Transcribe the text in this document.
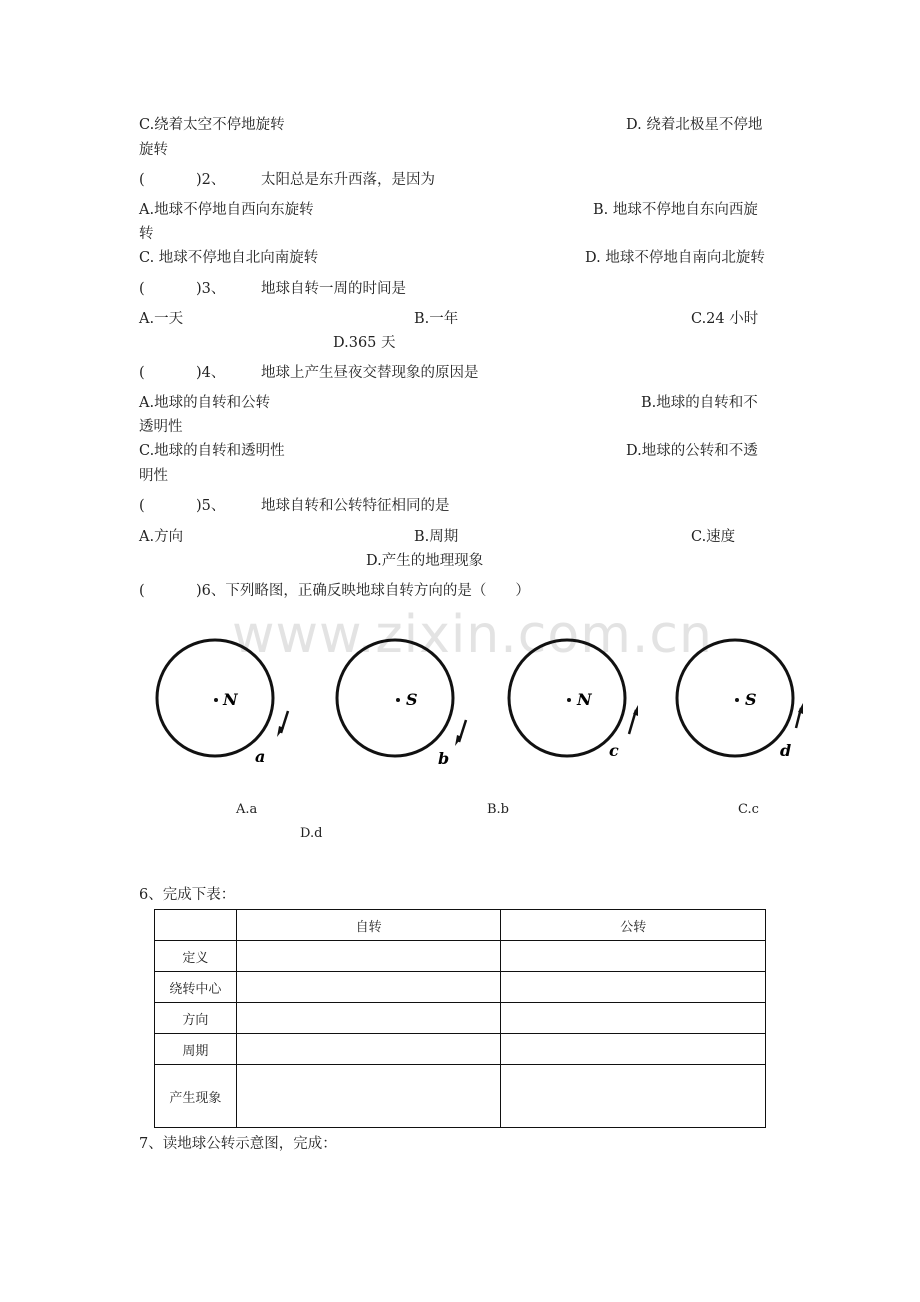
C.绕着太空不停地旋转	D. 绕着北极星不停地
旋转
(	)2、 太阳总是东升西落，是因为
A.地球不停地自西向东旋转	B. 地球不停地自东向西旋
转
C. 地球不停地自北向南旋转	D. 地球不停地自南向北旋转
(	)3、 地球自转一周的时间是
A.一天	B.一年	C.24 小时
D.365 天
(	)4、 地球上产生昼夜交替现象的原因是
A.地球的自转和公转	B.地球的自转和不
透明性
C.地球的自转和透明性	D.地球的公转和不透
明性
(	)5、 地球自转和公转特征相同的是
A.方向	B.周期	C.速度
D.产生的地理现象
(	)6、下列略图，正确反映地球自转方向的是（　　）
www.zixin.com.cn
N
a
S
b
N
c
S
d
A.a	B.b	C.c
D.d
6、完成下表：
	自转	公转
定义		
绕转中心		
方向		
周期		
产生现象		
7、读地球公转示意图，完成：
